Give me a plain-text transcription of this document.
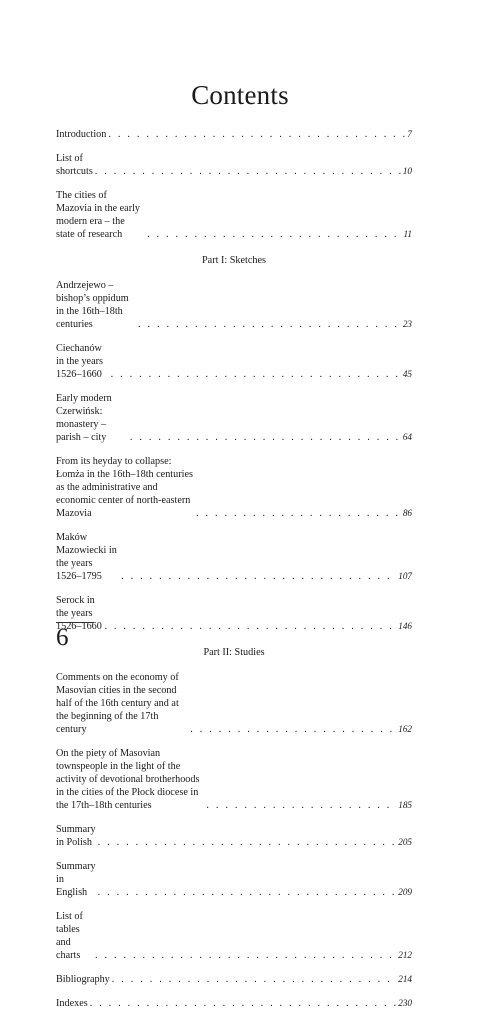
Contents
Introduction . . .	7
List of shortcuts . . .	10
The cities of Mazovia in the early modern era – the state of research . . .	11
Part I: Sketches
Andrzejewo – bishop’s oppidum in the 16th–18th centuries . . .	23
Ciechanów in the years 1526–1660 . . .	45
Early modern Czerwińsk: monastery – parish – city . . .	64
From its heyday to collapse: Łomża in the 16th–18th centuries as the administrative and economic center of north-eastern Mazovia . . .	86
Maków Mazowiecki in the years 1526–1795 . . .	107
Serock in the years 1526–1660 . . .	146
Part II: Studies
Comments on the economy of Masovian cities in the second half of the 16th century and at the beginning of the 17th century . . .	162
On the piety of Masovian townspeople in the light of the activity of devotional brotherhoods in the cities of the Płock diocese in the 17th–18th centuries . . .	185
Summary in Polish . . .	205
Summary in English . . .	209
List of tables and charts . . .	212
Bibliography . . .	214
Indexes . . .	230
6
